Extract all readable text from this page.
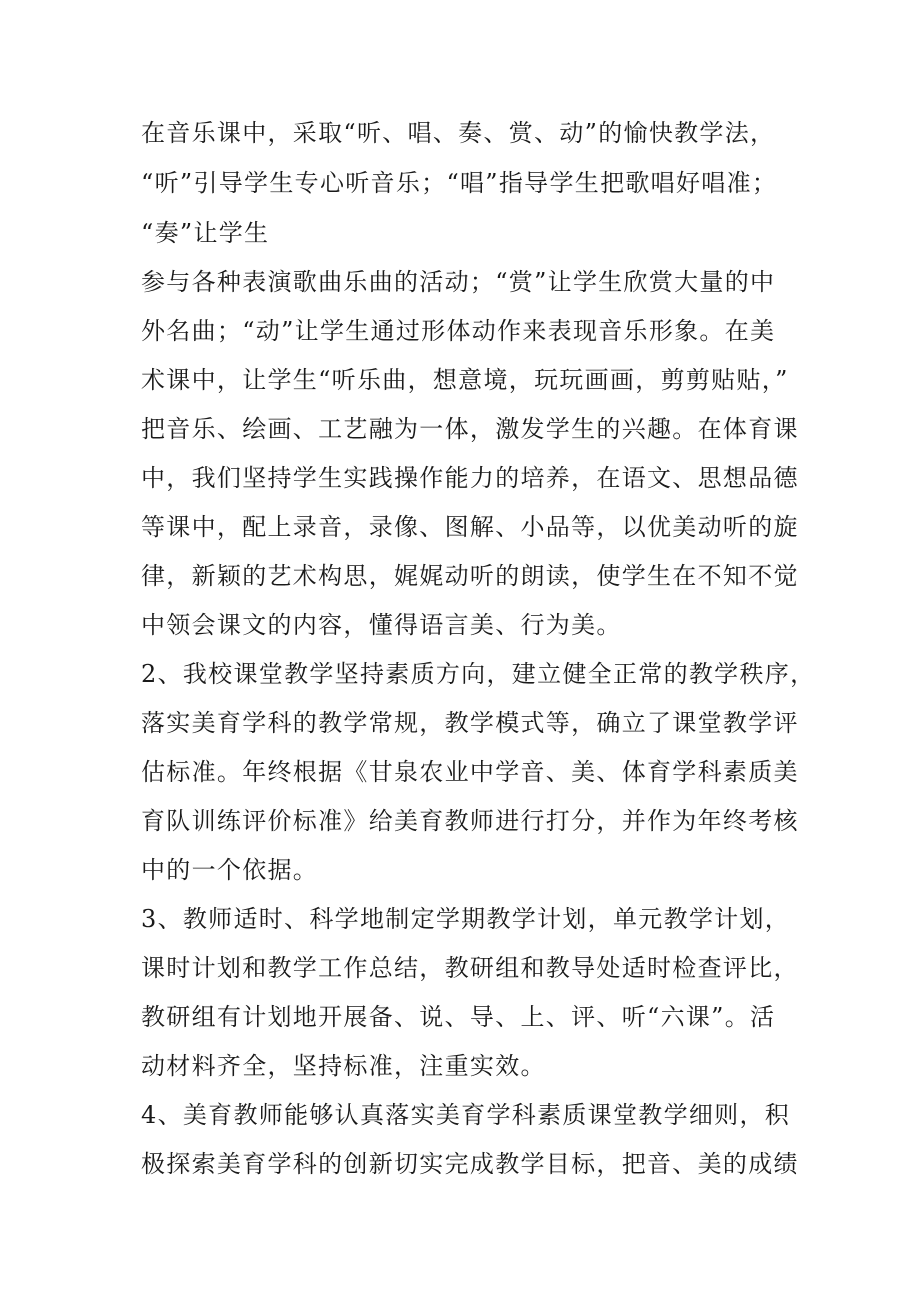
在音乐课中，采取“听、唱、奏、赏、动”的愉快教学法，

“听”引导学生专心听音乐；“唱”指导学生把歌唱好唱准；

“奏”让学生

参与各种表演歌曲乐曲的活动；“赏”让学生欣赏大量的中

外名曲；“动”让学生通过形体动作来表现音乐形象。在美

术课中，让学生“听乐曲，想意境，玩玩画画，剪剪贴贴，”

把音乐、绘画、工艺融为一体，激发学生的兴趣。在体育课

中，我们坚持学生实践操作能力的培养，在语文、思想品德

等课中，配上录音，录像、图解、小品等，以优美动听的旋

律，新颖的艺术构思，娓娓动听的朗读，使学生在不知不觉

中领会课文的内容，懂得语言美、行为美。

2、我校课堂教学坚持素质方向，建立健全正常的教学秩序，

落实美育学科的教学常规，教学模式等，确立了课堂教学评

估标准。年终根据《甘泉农业中学音、美、体育学科素质美

育队训练评价标准》给美育教师进行打分，并作为年终考核

中的一个依据。

3、教师适时、科学地制定学期教学计划，单元教学计划，

课时计划和教学工作总结，教研组和教导处适时检查评比，

教研组有计划地开展备、说、导、上、评、听“六课”。活

动材料齐全，坚持标准，注重实效。

4、美育教师能够认真落实美育学科素质课堂教学细则，积

极探索美育学科的创新切实完成教学目标，把音、美的成绩
